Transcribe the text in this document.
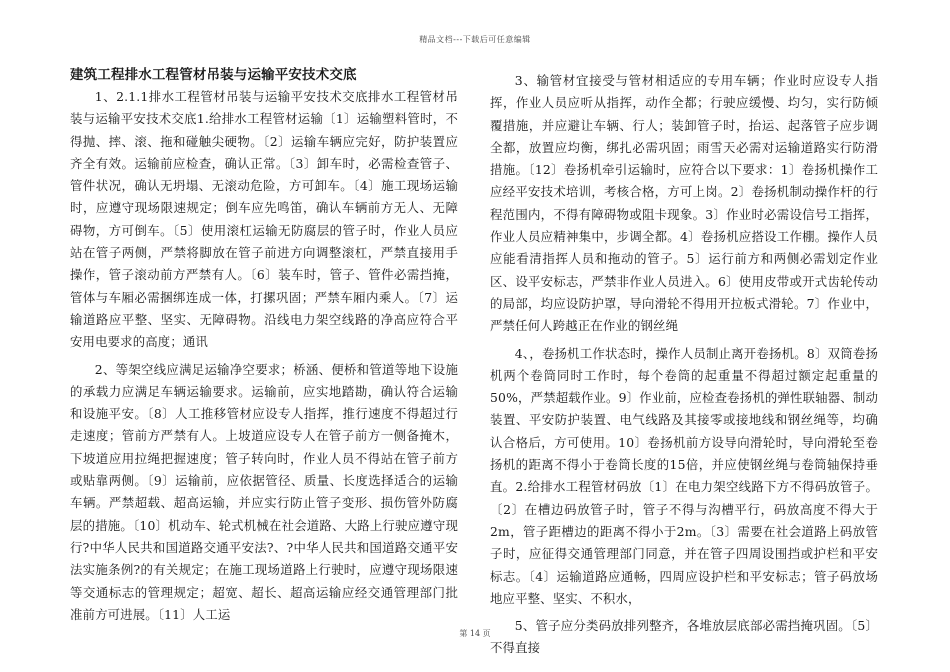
精品文档---下载后可任意编辑
建筑工程排水工程管材吊装与运输平安技术交底

1、2.1.1排水工程管材吊装与运输平安技术交底排水工程管材吊装与运输平安技术交底1.给排水工程管材运输〔1〕运输塑料管时，不得抛、摔、滚、拖和碰触尖硬物。〔2〕运输车辆应完好，防护装置应齐全有效。运输前应检查，确认正常。〔3〕卸车时，必需检查管子、管件状况，确认无坍塌、无滚动危险，方可卸车。〔4〕施工现场运输时，应遵守现场限速规定；倒车应先鸣笛，确认车辆前方无人、无障碍物，方可倒车。〔5〕使用滚杠运输无防腐层的管子时，作业人员应站在管子两侧，严禁将脚放在管子前进方向调整滚杠，严禁直接用手操作，管子滚动前方严禁有人。〔6〕装车时，管子、管件必需挡掩，管体与车厢必需捆绑连成一体，打摞巩固；严禁车厢内乘人。〔7〕运输道路应平整、坚实、无障碍物。沿线电力架空线路的净高应符合平安用电要求的高度；通讯

2、等架空线应满足运输净空要求；桥涵、便桥和管道等地下设施的承载力应满足车辆运输要求。运输前，应实地踏勘，确认符合运输和设施平安。〔8〕人工推移管材应设专人指挥，推行速度不得超过行走速度；管前方严禁有人。上坡道应设专人在管子前方一侧备掩木，下坡道应用拉绳把握速度；管子转向时，作业人员不得站在管子前方或贴靠两侧。〔9〕运输前，应依据管径、质量、长度选择适合的运输车辆。严禁超载、超高运输，并应实行防止管子变形、损伤管外防腐层的措施。〔10〕机动车、轮式机械在社会道路、大路上行驶应遵守现行?中华人民共和国道路交通平安法?、?中华人民共和国道路交通平安法实施条例?的有关规定；在施工现场道路上行驶时，应遵守现场限速等交通标志的管理规定；超宽、超长、超高运输应经交通管理部门批准前方可进展。〔11〕人工运

3、输管材宜接受与管材相适应的专用车辆；作业时应设专人指挥，作业人员应听从指挥，动作全都；行驶应缓慢、均匀，实行防倾覆措施，并应避让车辆、行人；装卸管子时，抬运、起落管子应步调全都，放置应均衡，绑扎必需巩固；雨雪天必需对运输道路实行防滑措施。〔12〕卷扬机牵引运输时，应符合以下要求：1〕卷扬机操作工应经平安技术培训，考核合格，方可上岗。2〕卷扬机制动操作杆的行程范围内，不得有障碍物或阻卡现象。3〕作业时必需设信号工指挥，作业人员应精神集中，步调全都。4〕卷扬机应搭设工作棚。操作人员应能看清指挥人员和拖动的管子。5〕运行前方和两侧必需划定作业区、设平安标志，严禁非作业人员进入。6〕使用皮带或开式齿轮传动的局部，均应设防护罩，导向滑轮不得用开拉板式滑轮。7〕作业中，严禁任何人跨越正在作业的钢丝绳

4、，卷扬机工作状态时，操作人员制止离开卷扬机。8〕双筒卷扬机两个卷筒同时工作时，每个卷筒的起重量不得超过额定起重量的50%，严禁超载作业。9〕作业前，应检查卷扬机的弹性联轴器、制动装置、平安防护装置、电气线路及其接零或接地线和钢丝绳等，均确认合格后，方可使用。10〕卷扬机前方设导向滑轮时，导向滑轮至卷扬机的距离不得小于卷筒长度的15倍，并应使钢丝绳与卷筒轴保持垂直。2.给排水工程管材码放〔1〕在电力架空线路下方不得码放管子。〔2〕在槽边码放管子时，管子不得与沟槽平行，码放高度不得大于2m，管子距槽边的距离不得小于2m。〔3〕需要在社会道路上码放管子时，应征得交通管理部门同意，并在管子四周设围挡或护栏和平安标志。〔4〕运输道路应通畅，四周应设护栏和平安标志；管子码放场地应平整、坚实、不积水，

5、管子应分类码放排列整齐，各堆放层底部必需挡掩巩固。〔5〕不得直接

第 14 页
